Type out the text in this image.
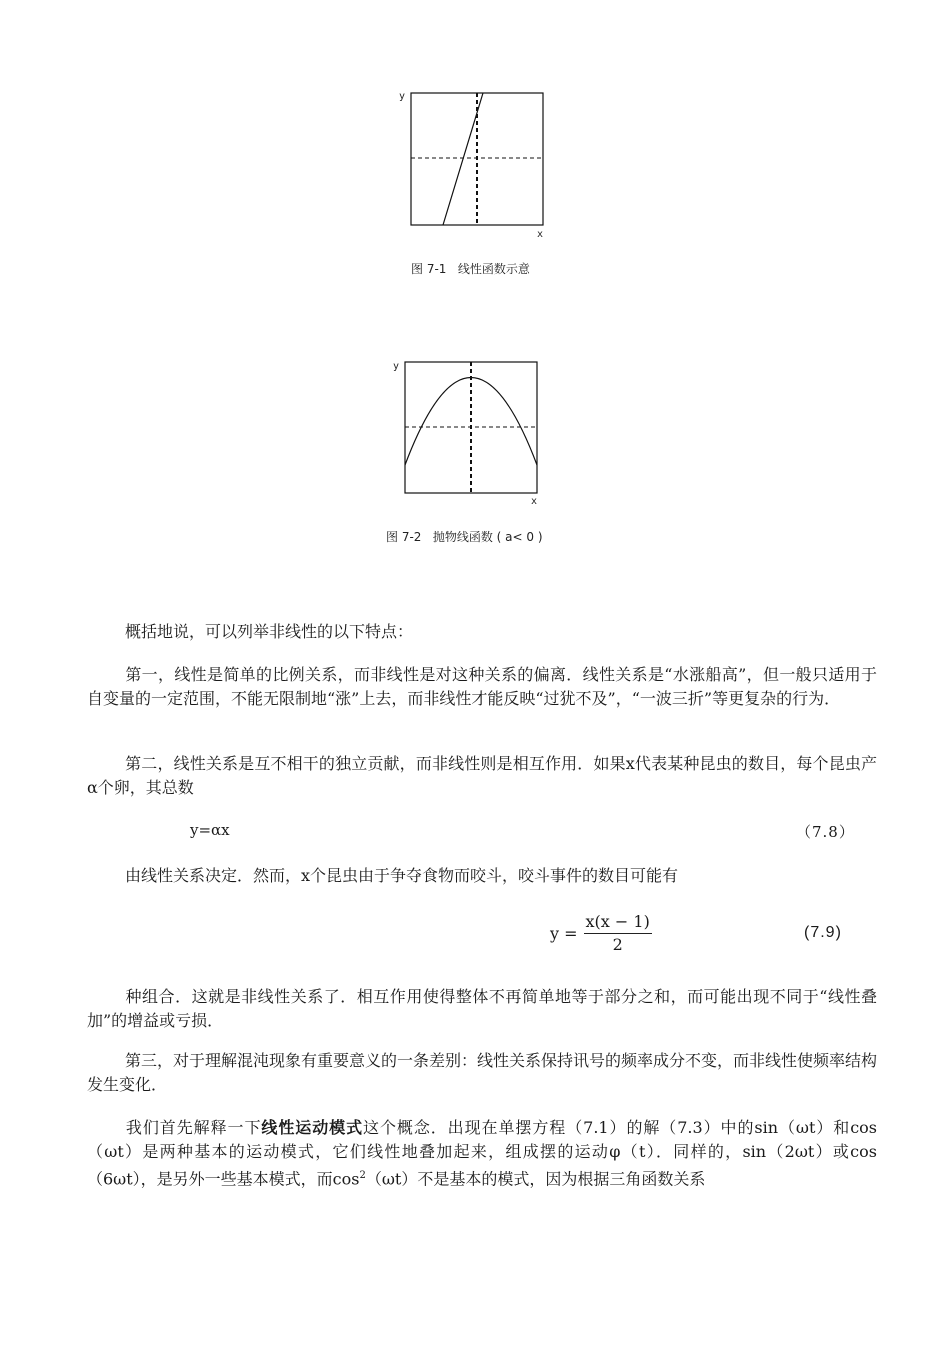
y
x
图 7-1   线性函数示意
y
x
图 7-2   抛物线函数 ( a< 0 )
概括地说，可以列举非线性的以下特点：
第一，线性是简单的比例关系，而非线性是对这种关系的偏离．线性关系是“水涨船高”，但一般只适用于自变量的一定范围，不能无限制地“涨”上去，而非线性才能反映“过犹不及”，“一波三折”等更复杂的行为．
第二，线性关系是互不相干的独立贡献，而非线性则是相互作用．如果x代表某种昆虫的数目，每个昆虫产α个卵，其总数
y=αx	（7.8）
由线性关系决定．然而，x个昆虫由于争夺食物而咬斗，咬斗事件的数目可能有
$y = \frac{x(x - 1)}{2}$	(7.9)
种组合．这就是非线性关系了．相互作用使得整体不再简单地等于部分之和，而可能出现不同于“线性叠加”的增益或亏损．
第三，对于理解混沌现象有重要意义的一条差别：线性关系保持讯号的频率成分不变，而非线性使频率结构发生变化．
我们首先解释一下线性运动模式这个概念．出现在单摆方程（7.1）的解（7.3）中的sin（ωt）和cos（ωt）是两种基本的运动模式，它们线性地叠加起来，组成摆的运动φ（t）．同样的，sin（2ωt）或cos（6ωt），是另外一些基本模式，而$\cos^2(\omega t)$不是基本的模式，因为根据三角函数关系
